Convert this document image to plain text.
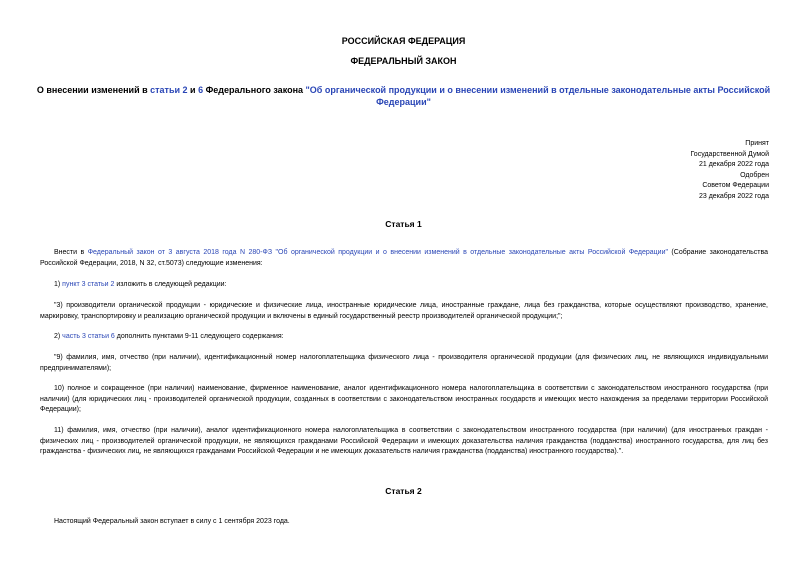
РОССИЙСКАЯ ФЕДЕРАЦИЯ
ФЕДЕРАЛЬНЫЙ ЗАКОН
О внесении изменений в статьи 2 и 6 Федерального закона "Об органической продукции и о внесении изменений в отдельные законодательные акты Российской Федерации"
Принят
Государственной Думой
21 декабря 2022 года
Одобрен
Советом Федерации
23 декабря 2022 года
Статья 1
Внести в Федеральный закон от 3 августа 2018 года N 280-ФЗ "Об органической продукции и о внесении изменений в отдельные законодательные акты Российской Федерации" (Собрание законодательства Российской Федерации, 2018, N 32, ст.5073) следующие изменения:
1) пункт 3 статьи 2 изложить в следующей редакции:
"3) производители органической продукции - юридические и физические лица, иностранные юридические лица, иностранные граждане, лица без гражданства, которые осуществляют производство, хранение, маркировку, транспортировку и реализацию органической продукции и включены в единый государственный реестр производителей органической продукции;";
2) часть 3 статьи 6 дополнить пунктами 9-11 следующего содержания:
"9) фамилия, имя, отчество (при наличии), идентификационный номер налогоплательщика физического лица - производителя органической продукции (для физических лиц, не являющихся индивидуальными предпринимателями);
10) полное и сокращенное (при наличии) наименование, фирменное наименование, аналог идентификационного номера налогоплательщика в соответствии с законодательством иностранного государства (при наличии) (для юридических лиц - производителей органической продукции, созданных в соответствии с законодательством иностранных государств и имеющих место нахождения за пределами территории Российской Федерации);
11) фамилия, имя, отчество (при наличии), аналог идентификационного номера налогоплательщика в соответствии с законодательством иностранного государства (при наличии) (для иностранных граждан - физических лиц - производителей органической продукции, не являющихся гражданами Российской Федерации и имеющих доказательства наличия гражданства (подданства) иностранного государства, для лиц без гражданства - физических лиц, не являющихся гражданами Российской Федерации и не имеющих доказательств наличия гражданства (подданства) иностранного государства).".
Статья 2
Настоящий Федеральный закон вступает в силу с 1 сентября 2023 года.
